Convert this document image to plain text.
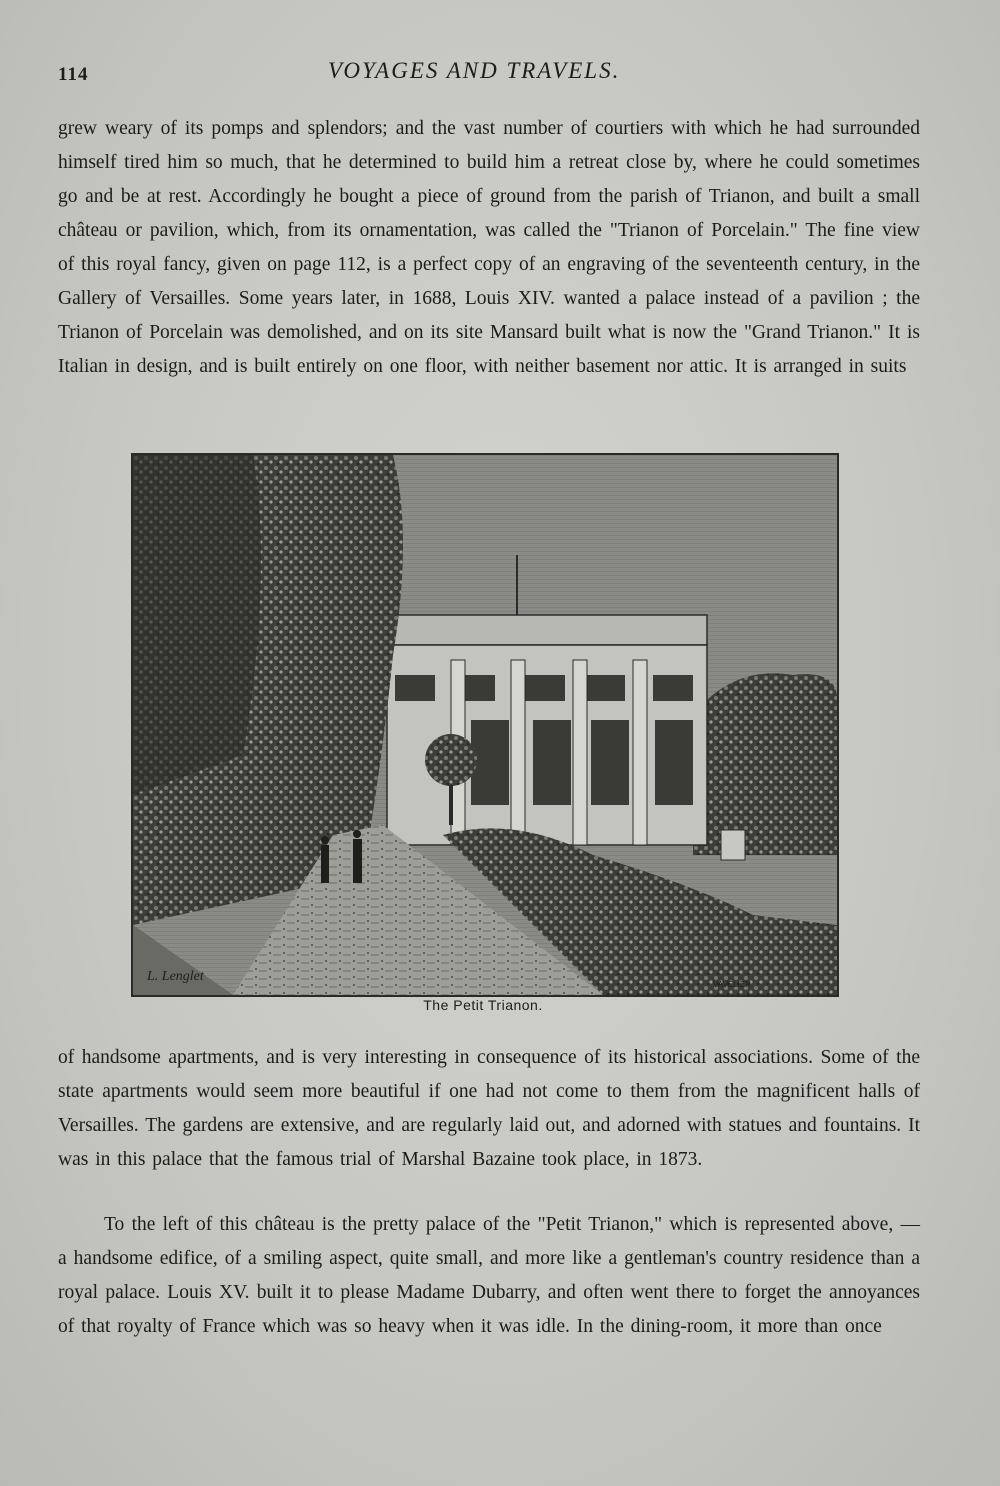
114	VOYAGES AND TRAVELS.

grew weary of its pomps and splendors; and the vast number of courtiers with which he had surrounded himself tired him so much, that he determined to build him a retreat close by, where he could sometimes go and be at rest. Accordingly he bought a piece of ground from the parish of Trianon, and built a small château or pavilion, which, from its ornamentation, was called the "Trianon of Porcelain." The fine view of this royal fancy, given on page 112, is a perfect copy of an engraving of the seventeenth century, in the Gallery of Versailles. Some years later, in 1688, Louis XIV. wanted a palace instead of a pavilion ; the Trianon of Porcelain was demolished, and on its site Mansard built what is now the "Grand Trianon." It is Italian in design, and is built entirely on one floor, with neither basement nor attic. It is arranged in suits

L. Lenglet
VAVELIER
The Petit Trianon.

of handsome apartments, and is very interesting in consequence of its historical associations. Some of the state apartments would seem more beautiful if one had not come to them from the magnificent halls of Versailles. The gardens are extensive, and are regularly laid out, and adorned with statues and fountains. It was in this palace that the famous trial of Marshal Bazaine took place, in 1873.

To the left of this château is the pretty palace of the "Petit Trianon," which is represented above, — a handsome edifice, of a smiling aspect, quite small, and more like a gentleman's country residence than a royal palace. Louis XV. built it to please Madame Dubarry, and often went there to forget the annoyances of that royalty of France which was so heavy when it was idle. In the dining-room, it more than once
